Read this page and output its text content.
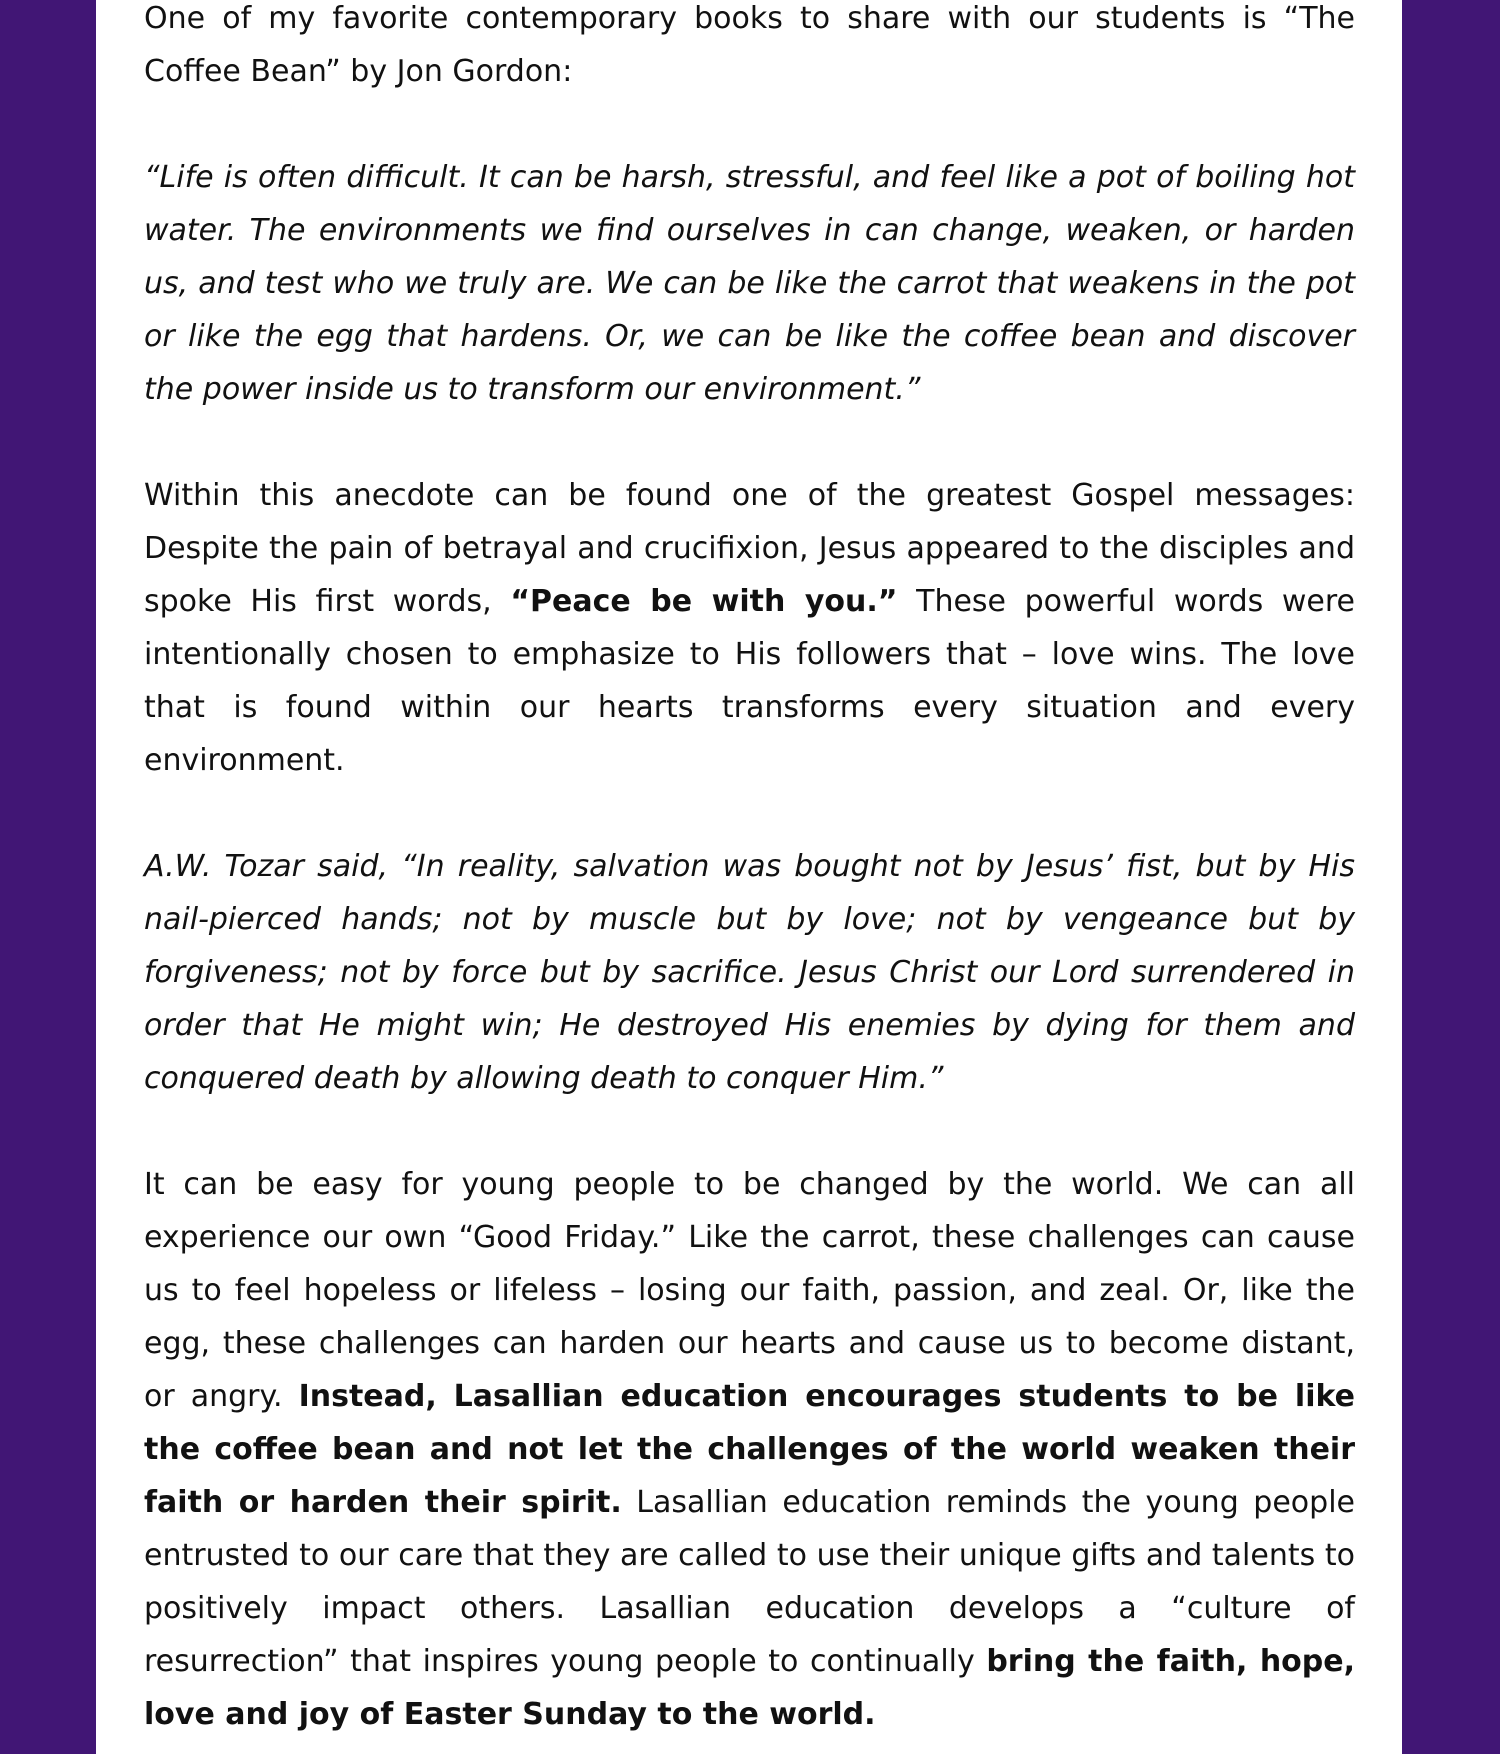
One of my favorite contemporary books to share with our students is “The Coffee Bean” by Jon Gordon:

“Life is often difficult. It can be harsh, stressful, and feel like a pot of boiling hot water. The environments we find ourselves in can change, weaken, or harden us, and test who we truly are. We can be like the carrot that weakens in the pot or like the egg that hardens. Or, we can be like the coffee bean and discover the power inside us to transform our environment.”

Within this anecdote can be found one of the greatest Gospel messages: Despite the pain of betrayal and crucifixion, Jesus appeared to the disciples and spoke His first words, “Peace be with you.” These powerful words were intentionally chosen to emphasize to His followers that – love wins. The love that is found within our hearts transforms every situation and every environment.

A.W. Tozar said, “In reality, salvation was bought not by Jesus’ fist, but by His nail-pierced hands; not by muscle but by love; not by vengeance but by forgiveness; not by force but by sacrifice. Jesus Christ our Lord surrendered in order that He might win; He destroyed His enemies by dying for them and conquered death by allowing death to conquer Him.”

It can be easy for young people to be changed by the world. We can all experience our own “Good Friday.” Like the carrot, these challenges can cause us to feel hopeless or lifeless – losing our faith, passion, and zeal. Or, like the egg, these challenges can harden our hearts and cause us to become distant, or angry. Instead, Lasallian education encourages students to be like the coffee bean and not let the challenges of the world weaken their faith or harden their spirit. Lasallian education reminds the young people entrusted to our care that they are called to use their unique gifts and talents to positively impact others. Lasallian education develops a “culture of resurrection” that inspires young people to continually bring the faith, hope, love and joy of Easter Sunday to the world.
